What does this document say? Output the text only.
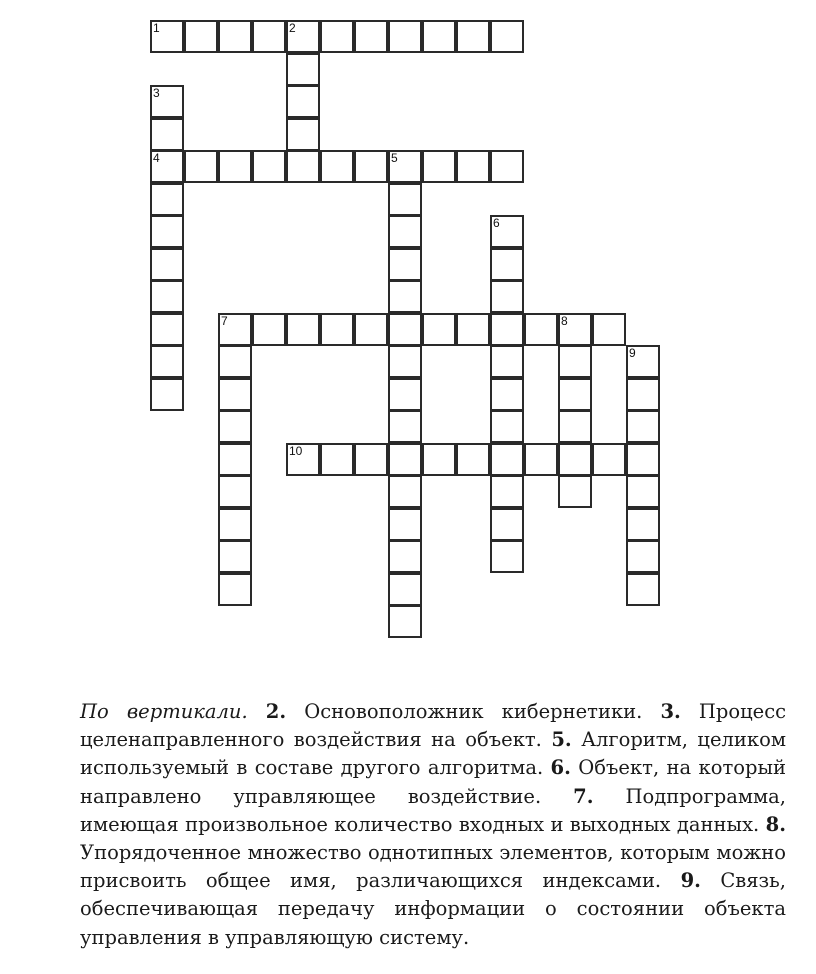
1	2
3
4	5
6
7	8
9
10

По вертикали. 2. Основоположник кибернетики. 3. Процесс целенаправленного воздействия на объект. 5. Алгоритм, целиком используемый в составе другого алгоритма. 6. Объект, на который направлено управляющее воздействие. 7. Подпрограмма, имеющая произвольное количество входных и выходных данных. 8. Упорядоченное множество однотипных элементов, которым можно присвоить общее имя, различающихся индексами. 9. Связь, обеспечивающая передачу информации о состоянии объекта управления в управляющую систему.
